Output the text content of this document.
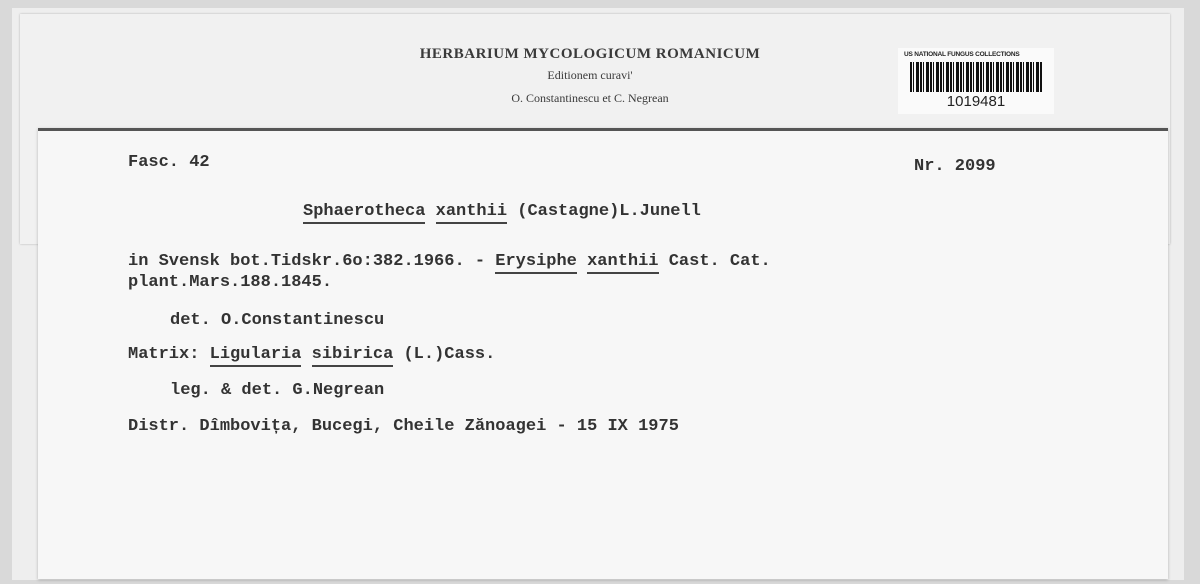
HERBARIUM MYCOLOGICUM ROMANICUM
Editionem curavi'
O. Constantinescu et C. Negrean
US NATIONAL FUNGUS COLLECTIONS
1019481
Fasc. 42	Nr. 2099
Sphaerotheca xanthii (Castagne)L.Junell
in Svensk bot.Tidskr.6o:382.1966. - Erysiphe xanthii Cast. Cat.
plant.Mars.188.1845.
det. O.Constantinescu
Matrix: Ligularia sibirica (L.)Cass.
leg. & det. G.Negrean
Distr. Dîmbovița, Bucegi, Cheile Zănoagei - 15 IX 1975
